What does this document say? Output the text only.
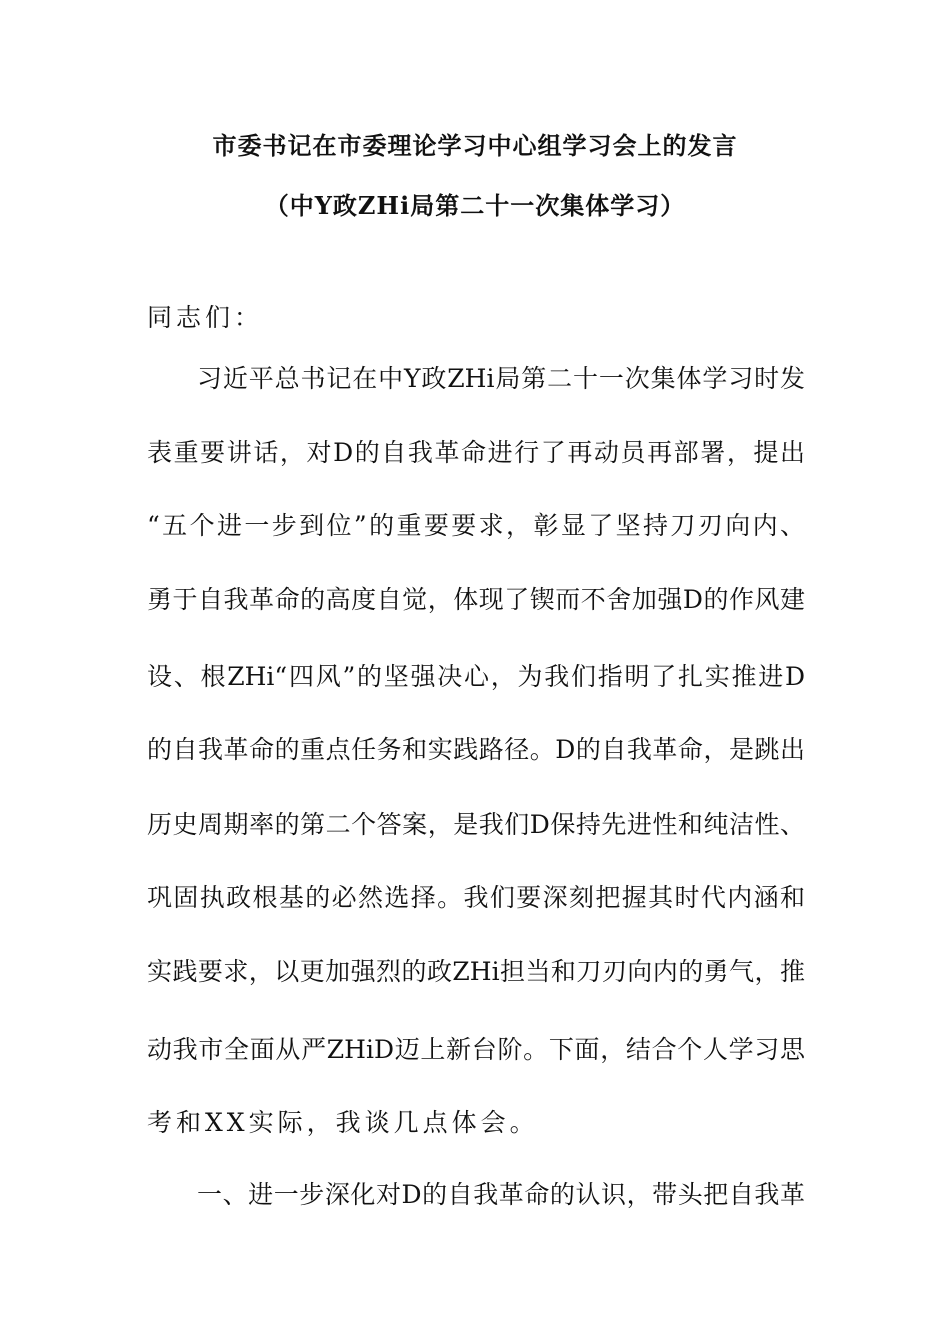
市委书记在市委理论学习中心组学习会上的发言
（中Y政ZHi局第二十一次集体学习）
同志们：
习近平总书记在中Y政ZHi局第二十一次集体学习时发
表重要讲话，对D的自我革命进行了再动员再部署，提出
“五个进一步到位”的重要要求，彰显了坚持刀刃向内、
勇于自我革命的高度自觉，体现了锲而不舍加强D的作风建
设、根ZHi“四风”的坚强决心，为我们指明了扎实推进D
的自我革命的重点任务和实践路径。D的自我革命，是跳出
历史周期率的第二个答案，是我们D保持先进性和纯洁性、
巩固执政根基的必然选择。我们要深刻把握其时代内涵和
实践要求，以更加强烈的政ZHi担当和刀刃向内的勇气，推
动我市全面从严ZHiD迈上新台阶。下面，结合个人学习思
考和XX实际，我谈几点体会。
一、进一步深化对D的自我革命的认识，带头把自我革
